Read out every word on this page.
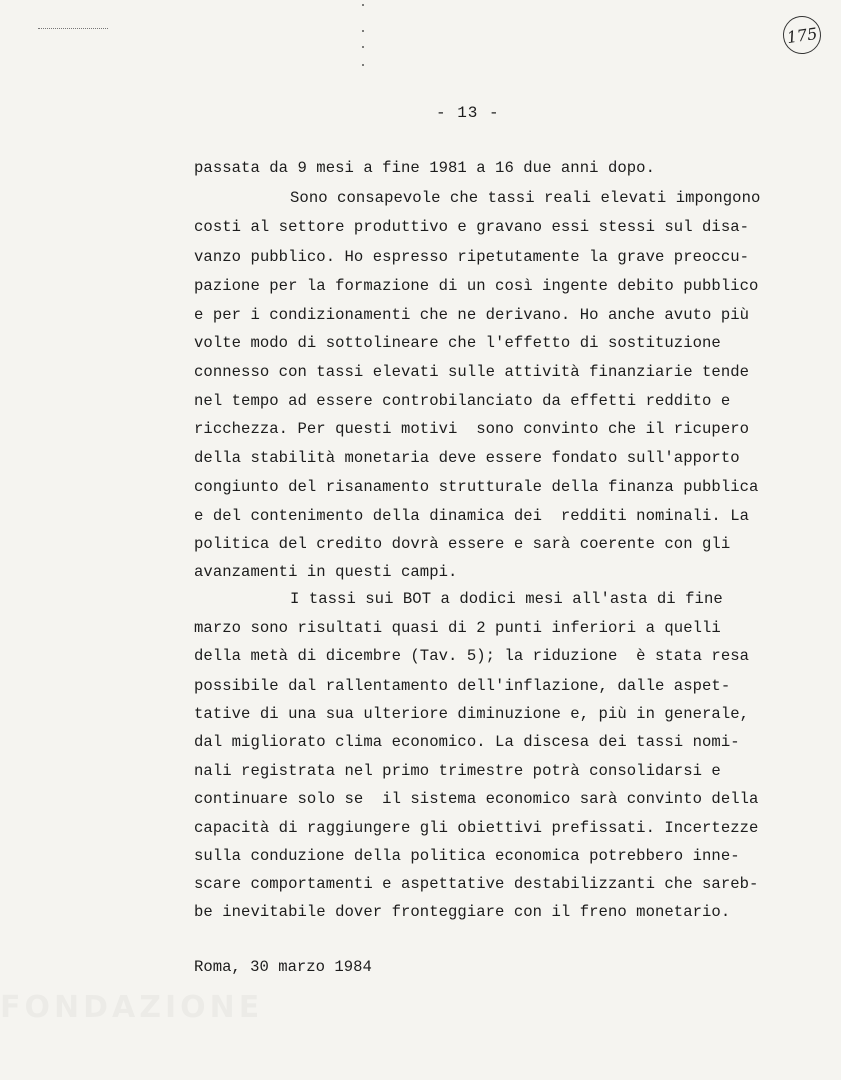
175
- 13 -
passata da 9 mesi a fine 1981 a 16 due anni dopo.
Sono consapevole che tassi reali elevati impongono
costi al settore produttivo e gravano essi stessi sul disa-
vanzo pubblico. Ho espresso ripetutamente la grave preoccu-
pazione per la formazione di un così ingente debito pubblico
e per i condizionamenti che ne derivano. Ho anche avuto più
volte modo di sottolineare che l'effetto di sostituzione
connesso con tassi elevati sulle attività finanziarie tende
nel tempo ad essere controbilanciato da effetti reddito e
ricchezza. Per questi motivi  sono convinto che il ricupero
della stabilità monetaria deve essere fondato sull'apporto
congiunto del risanamento strutturale della finanza pubblica
e del contenimento della dinamica dei  redditi nominali. La
politica del credito dovrà essere e sarà coerente con gli
avanzamenti in questi campi.
I tassi sui BOT a dodici mesi all'asta di fine
marzo sono risultati quasi di 2 punti inferiori a quelli
della metà di dicembre (Tav. 5); la riduzione  è stata resa
possibile dal rallentamento dell'inflazione, dalle aspet-
tative di una sua ulteriore diminuzione e, più in generale,
dal migliorato clima economico. La discesa dei tassi nomi-
nali registrata nel primo trimestre potrà consolidarsi e
continuare solo se  il sistema economico sarà convinto della
capacità di raggiungere gli obiettivi prefissati. Incertezze
sulla conduzione della politica economica potrebbero inne-
scare comportamenti e aspettative destabilizzanti che sareb-
be inevitabile dover fronteggiare con il freno monetario.
Roma, 30 marzo 1984
